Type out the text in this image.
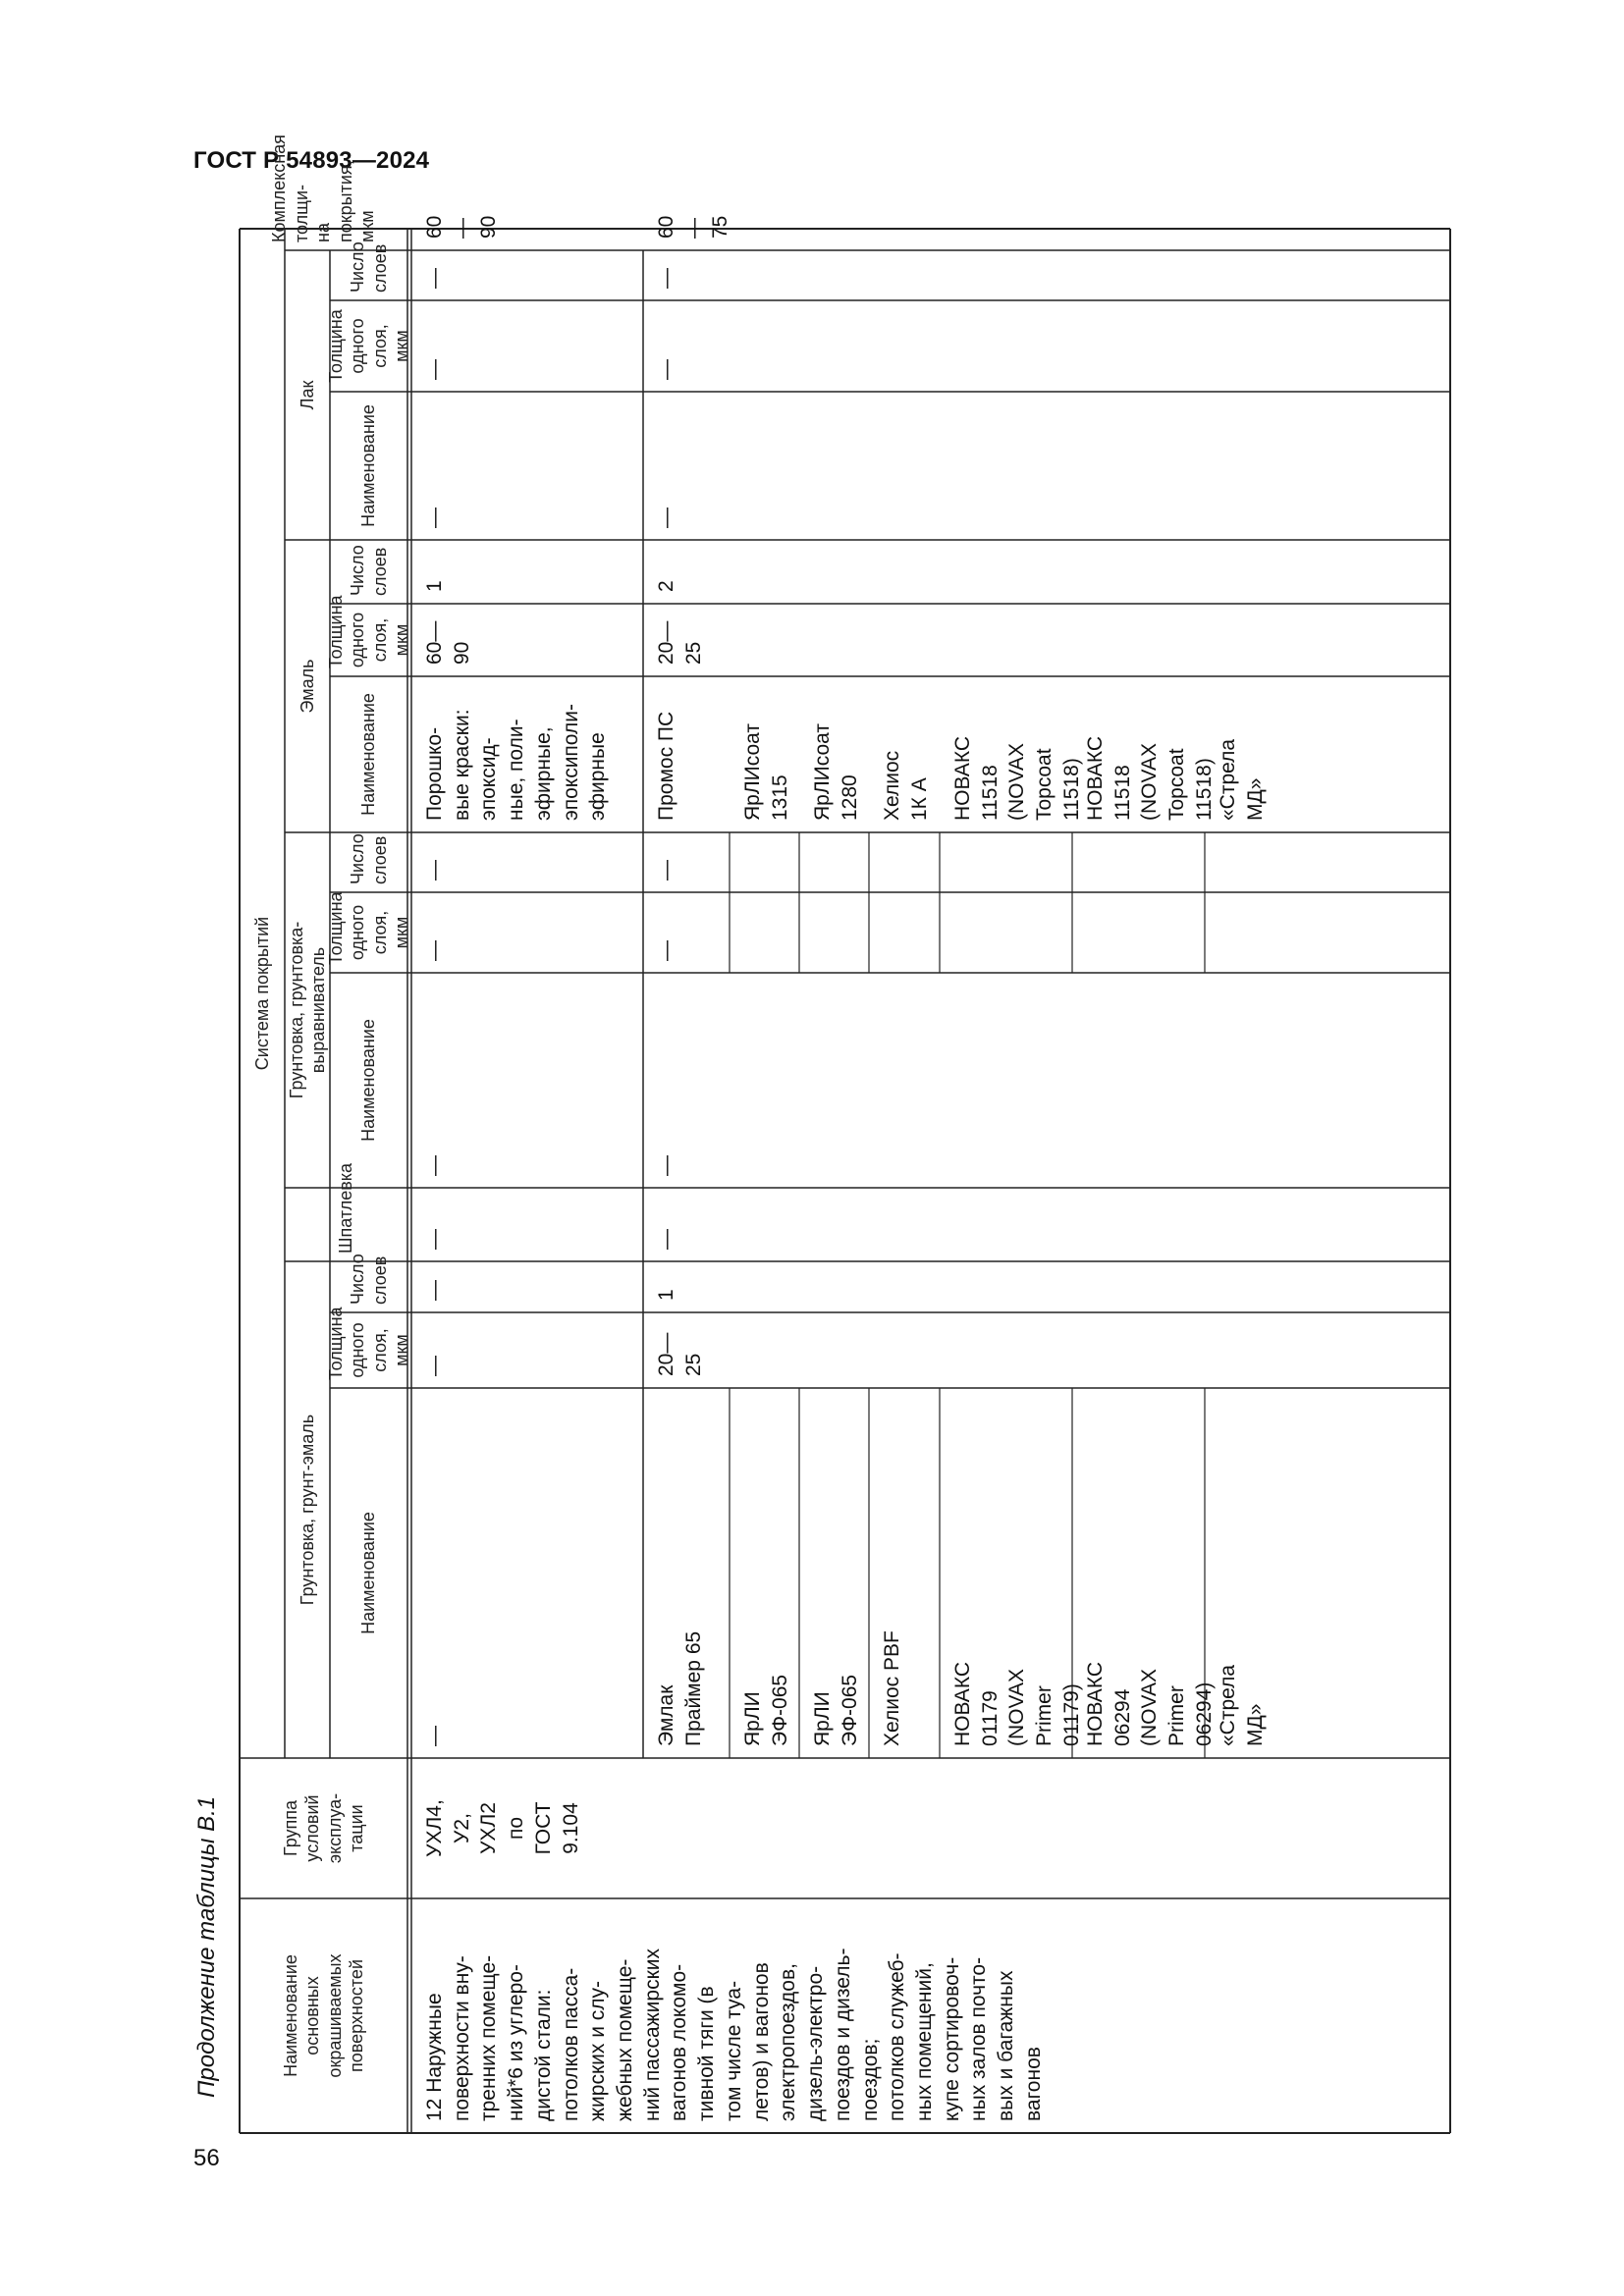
ГОСТ Р 54893—2024
Продолжение таблицы В.1
56
Система покрытий
Группа
условий
эксплуа-
тации
Наименование
основных
окрашиваемых
поверхностей
Комплексная толщи-
на покрытия, мкм
Лак
Эмаль
Грунтовка, грунтовка-
выравниватель
Шпатлевка
Грунтовка, грунт-эмаль
Число
слоев
Толщина
одного
слоя, мкм
Наименование
Число
слоев
Толщина
одного
слоя, мкм
Наименование
Число
слоев
Толщина
одного
слоя, мкм
Наименование
Число
слоев
Толщина
одного
слоя, мкм
Наименование
12 Наружные
поверхности вну-
тренних помеще-
ний*6 из углеро-
дистой стали:
потолков пасса-
жирских и слу-
жебных помеще-
ний пассажирских
вагонов локомо-
тивной тяги (в
том числе туа-
летов) и вагонов
электропоездов,
дизель-электро-
поездов и дизель-
поездов;
потолков служеб-
ных помещений,
купе сортировоч-
ных залов почто-
вых и багажных
вагонов
УХЛ4,
У2,
УХЛ2
по
ГОСТ
9.104
60—90
—
—
—
1
60—90
Порошко-
вые краски:
эпоксид-
ные, поли-
эфирные,
эпоксиполи-
эфирные
—
—
—
—
—
—
—
60—75
—
—
—
2
20—25
—
—
—
—
1
20—25
Промос ПС
Эмлак
Праймер 65
ЯрЛИсоат
1315
ЯрЛИ
ЭФ-065
ЯрЛИсоат
1280
ЯрЛИ
ЭФ-065
Хелиос
1К А
Хелиос PBF
НОВАКС
11518
(NOVAX
Topcoat
11518)
НОВАКС
01179
(NOVAX
Primer
01179)
НОВАКС
11518
(NOVAX
Topcoat
11518)
НОВАКС
06294
(NOVAX
Primer
06294)
«Стрела
МД»
«Стрела
МД»
